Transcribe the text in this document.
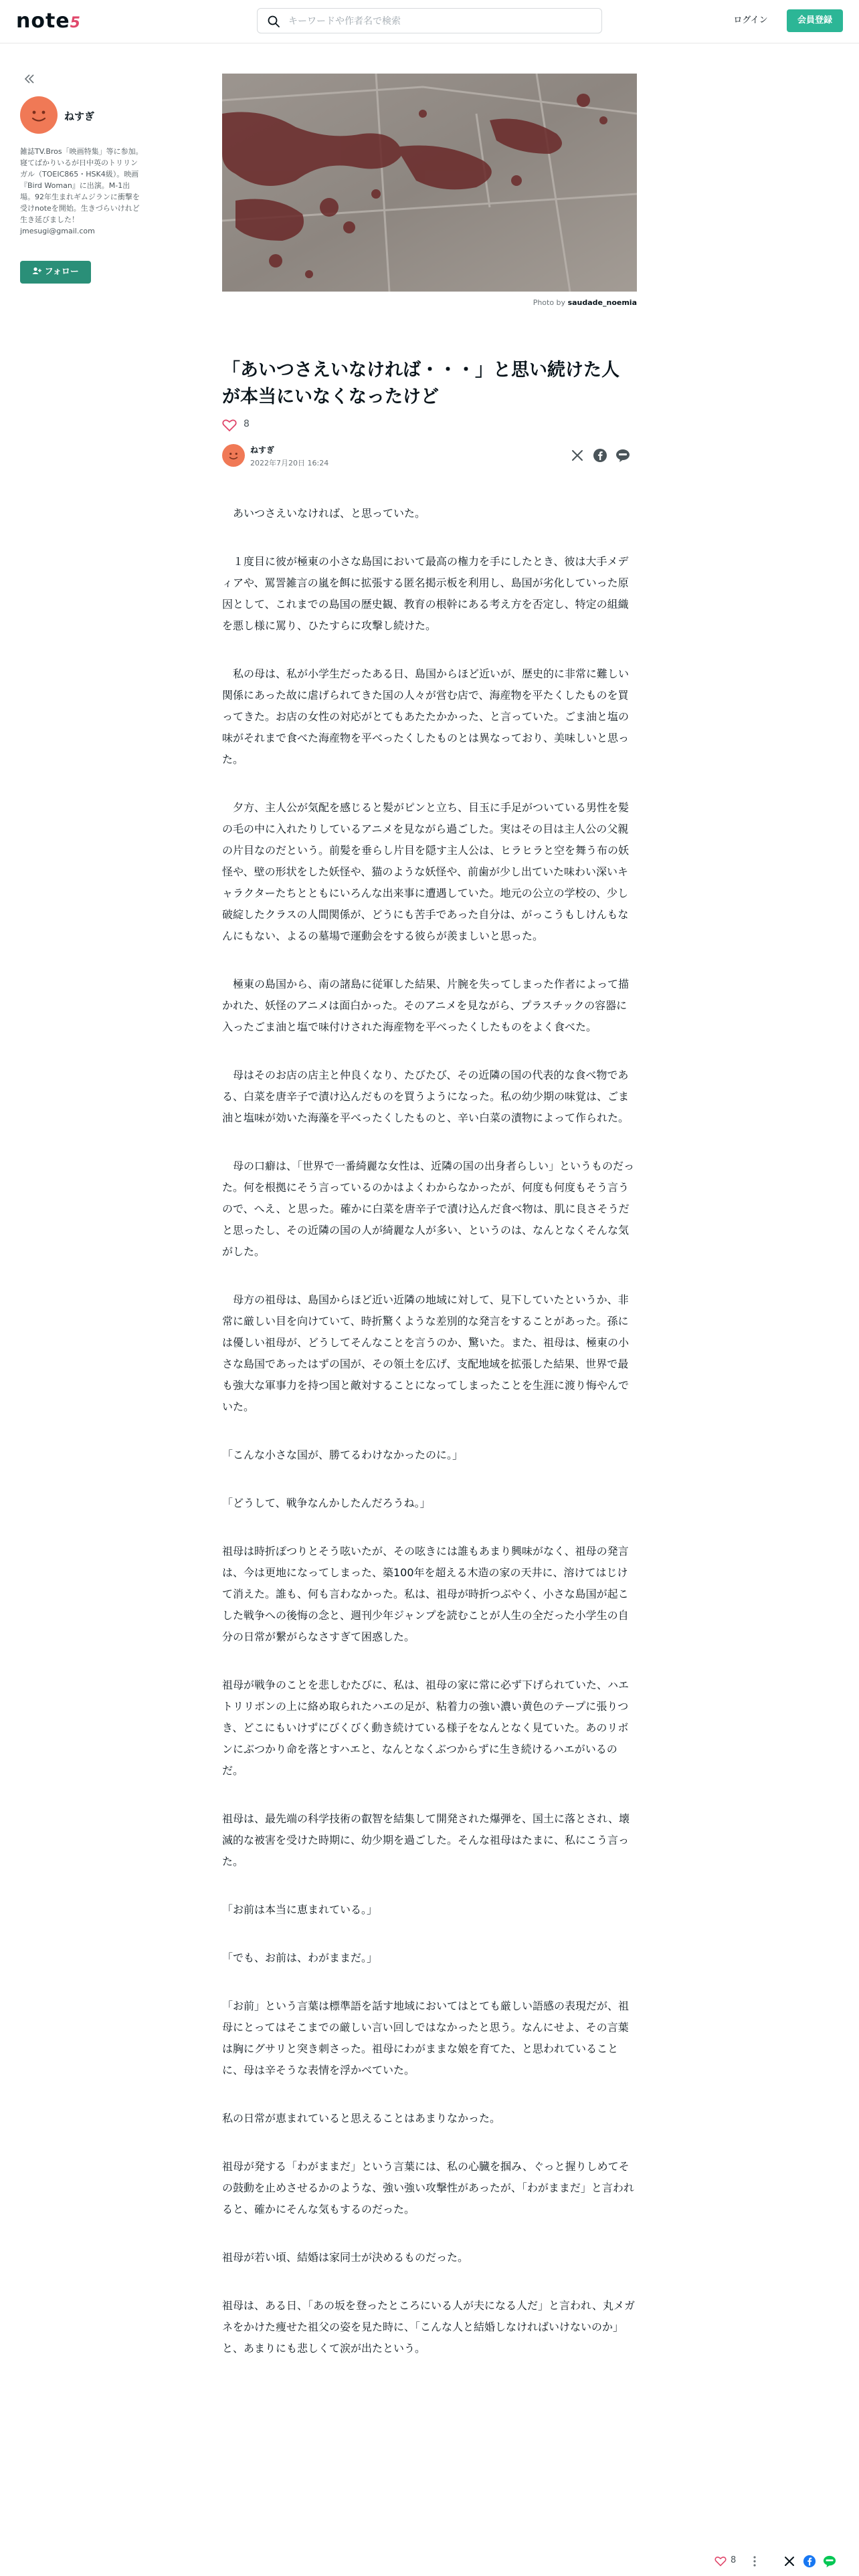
note5
キーワードや作者名で検索	ログイン	会員登録
ねすぎ
雑誌TV.Bros「映画特集」等に参加。寝てばかりいるが日中英のトリリンガル（TOEIC865・HSK4級）。映画『Bird Woman』に出演。M-1出場。92年生まれギムジランに衝撃を受けnoteを開始。生きづらいけれど生き延びました！ jmesugi@gmail.com
フォロー
Photo by saudade_noemia
「あいつさえいなければ・・・」と思い続けた人が本当にいなくなったけど
8
ねすぎ
2022年7月20日 16:24

　あいつさえいなければ、と思っていた。

　１度目に彼が極東の小さな島国において最高の権力を手にしたとき、彼は大手メディアや、罵詈雑言の嵐を餌に拡張する匿名掲示板を利用し、島国が劣化していった原因として、これまでの島国の歴史観、教育の根幹にある考え方を否定し、特定の組織を悪し様に罵り、ひたすらに攻撃し続けた。

　私の母は、私が小学生だったある日、島国からほど近いが、歴史的に非常に難しい関係にあった故に虐げられてきた国の人々が営む店で、海産物を平たくしたものを買ってきた。お店の女性の対応がとてもあたたかかった、と言っていた。ごま油と塩の味がそれまで食べた海産物を平べったくしたものとは異なっており、美味しいと思った。

　夕方、主人公が気配を感じると髪がピンと立ち、目玉に手足がついている男性を髪の毛の中に入れたりしているアニメを見ながら過ごした。実はその目は主人公の父親の片目なのだという。前髪を垂らし片目を隠す主人公は、ヒラヒラと空を舞う布の妖怪や、壁の形状をした妖怪や、猫のような妖怪や、前歯が少し出ていた味わい深いキャラクターたちとともにいろんな出来事に遭遇していた。地元の公立の学校の、少し破綻したクラスの人間関係が、どうにも苦手であった自分は、がっこうもしけんもなんにもない、よるの墓場で運動会をする彼らが羨ましいと思った。

　極東の島国から、南の諸島に従軍した結果、片腕を失ってしまった作者によって描かれた、妖怪のアニメは面白かった。そのアニメを見ながら、プラスチックの容器に入ったごま油と塩で味付けされた海産物を平べったくしたものをよく食べた。

　母はそのお店の店主と仲良くなり、たびたび、その近隣の国の代表的な食べ物である、白菜を唐辛子で漬け込んだものを買うようになった。私の幼少期の味覚は、ごま油と塩味が効いた海藻を平べったくしたものと、辛い白菜の漬物によって作られた。

　母の口癖は、「世界で一番綺麗な女性は、近隣の国の出身者らしい」というものだった。何を根拠にそう言っているのかはよくわからなかったが、何度も何度もそう言うので、へえ、と思った。確かに白菜を唐辛子で漬け込んだ食べ物は、肌に良さそうだと思ったし、その近隣の国の人が綺麗な人が多い、というのは、なんとなくそんな気がした。

　母方の祖母は、島国からほど近い近隣の地域に対して、見下していたというか、非常に厳しい目を向けていて、時折驚くような差別的な発言をすることがあった。孫には優しい祖母が、どうしてそんなことを言うのか、驚いた。また、祖母は、極東の小さな島国であったはずの国が、その領土を広げ、支配地域を拡張した結果、世界で最も強大な軍事力を持つ国と敵対することになってしまったことを生涯に渡り悔やんでいた。

「こんな小さな国が、勝てるわけなかったのに。」

「どうして、戦争なんかしたんだろうね。」

祖母は時折ぽつりとそう呟いたが、その呟きには誰もあまり興味がなく、祖母の発言は、今は更地になってしまった、築100年を超える木造の家の天井に、溶けてはじけて消えた。誰も、何も言わなかった。私は、祖母が時折つぶやく、小さな島国が起こした戦争への後悔の念と、週刊少年ジャンプを読むことが人生の全だった小学生の自分の日常が繋がらなさすぎて困惑した。

祖母が戦争のことを悲しむたびに、私は、祖母の家に常に必ず下げられていた、ハエトリリボンの上に絡め取られたハエの足が、粘着力の強い濃い黄色のテープに張りつき、どこにもいけずにびくびく動き続けている様子をなんとなく見ていた。あのリボンにぶつかり命を落とすハエと、なんとなくぶつからずに生き続けるハエがいるのだ。

祖母は、最先端の科学技術の叡智を結集して開発された爆弾を、国土に落とされ、壊滅的な被害を受けた時期に、幼少期を過ごした。そんな祖母はたまに、私にこう言った。

「お前は本当に恵まれている。」

「でも、お前は、わがままだ。」

「お前」という言葉は標準語を話す地域においてはとても厳しい語感の表現だが、祖母にとってはそこまでの厳しい言い回しではなかったと思う。なんにせよ、その言葉は胸にグサリと突き刺さった。祖母にわがままな娘を育てた、と思われていることに、母は辛そうな表情を浮かべていた。

私の日常が恵まれていると思えることはあまりなかった。

祖母が発する「わがままだ」という言葉には、私の心臓を掴み、ぐっと握りしめてその鼓動を止めさせるかのような、強い強い攻撃性があったが、「わがままだ」と言われると、確かにそんな気もするのだった。

祖母が若い頃、結婚は家同士が決めるものだった。

祖母は、ある日、「あの坂を登ったところにいる人が夫になる人だ」と言われ、丸メガネをかけた痩せた祖父の姿を見た時に、「こんな人と結婚しなければいけないのか」と、あまりにも悲しくて涙が出たという。

8
